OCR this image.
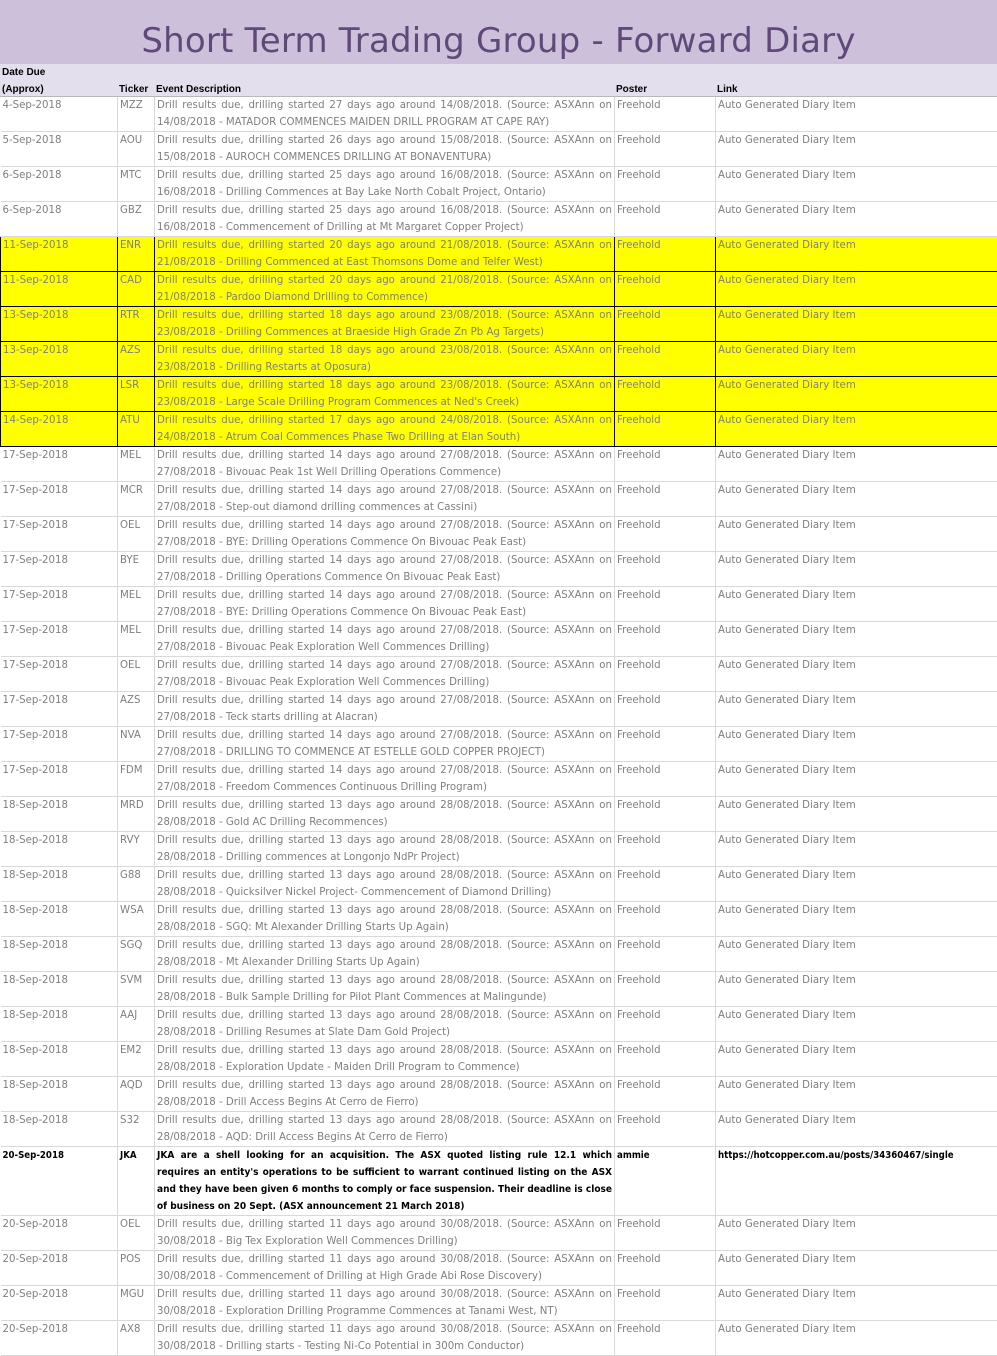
Short Term Trading Group - Forward Diary
Date Due
(Approx)	Ticker Event Description	Poster	Link
4-Sep-2018	MZZ	Drill results due, drilling started 27 days ago around 14/08/2018. (Source: ASXAnn on 14/08/2018 - MATADOR COMMENCES MAIDEN DRILL PROGRAM AT CAPE RAY)	Freehold	Auto Generated Diary Item
5-Sep-2018	AOU	Drill results due, drilling started 26 days ago around 15/08/2018. (Source: ASXAnn on 15/08/2018 - AUROCH COMMENCES DRILLING AT BONAVENTURA)	Freehold	Auto Generated Diary Item
6-Sep-2018	MTC	Drill results due, drilling started 25 days ago around 16/08/2018. (Source: ASXAnn on 16/08/2018 - Drilling Commences at Bay Lake North Cobalt Project, Ontario)	Freehold	Auto Generated Diary Item
6-Sep-2018	GBZ	Drill results due, drilling started 25 days ago around 16/08/2018. (Source: ASXAnn on 16/08/2018 - Commencement of Drilling at Mt Margaret Copper Project)	Freehold	Auto Generated Diary Item
11-Sep-2018	ENR	Drill results due, drilling started 20 days ago around 21/08/2018. (Source: ASXAnn on 21/08/2018 - Drilling Commenced at East Thomsons Dome and Telfer West)	Freehold	Auto Generated Diary Item
11-Sep-2018	CAD	Drill results due, drilling started 20 days ago around 21/08/2018. (Source: ASXAnn on 21/08/2018 - Pardoo Diamond Drilling to Commence)	Freehold	Auto Generated Diary Item
13-Sep-2018	RTR	Drill results due, drilling started 18 days ago around 23/08/2018. (Source: ASXAnn on 23/08/2018 - Drilling Commences at Braeside High Grade Zn Pb Ag Targets)	Freehold	Auto Generated Diary Item
13-Sep-2018	AZS	Drill results due, drilling started 18 days ago around 23/08/2018. (Source: ASXAnn on 23/08/2018 - Drilling Restarts at Oposura)	Freehold	Auto Generated Diary Item
13-Sep-2018	LSR	Drill results due, drilling started 18 days ago around 23/08/2018. (Source: ASXAnn on 23/08/2018 - Large Scale Drilling Program Commences at Ned's Creek)	Freehold	Auto Generated Diary Item
14-Sep-2018	ATU	Drill results due, drilling started 17 days ago around 24/08/2018. (Source: ASXAnn on 24/08/2018 - Atrum Coal Commences Phase Two Drilling at Elan South)	Freehold	Auto Generated Diary Item
17-Sep-2018	MEL	Drill results due, drilling started 14 days ago around 27/08/2018. (Source: ASXAnn on 27/08/2018 - Bivouac Peak 1st Well Drilling Operations Commence)	Freehold	Auto Generated Diary Item
17-Sep-2018	MCR	Drill results due, drilling started 14 days ago around 27/08/2018. (Source: ASXAnn on 27/08/2018 - Step-out diamond drilling commences at Cassini)	Freehold	Auto Generated Diary Item
17-Sep-2018	OEL	Drill results due, drilling started 14 days ago around 27/08/2018. (Source: ASXAnn on 27/08/2018 - BYE: Drilling Operations Commence On Bivouac Peak East)	Freehold	Auto Generated Diary Item
17-Sep-2018	BYE	Drill results due, drilling started 14 days ago around 27/08/2018. (Source: ASXAnn on 27/08/2018 - Drilling Operations Commence On Bivouac Peak East)	Freehold	Auto Generated Diary Item
17-Sep-2018	MEL	Drill results due, drilling started 14 days ago around 27/08/2018. (Source: ASXAnn on 27/08/2018 - BYE: Drilling Operations Commence On Bivouac Peak East)	Freehold	Auto Generated Diary Item
17-Sep-2018	MEL	Drill results due, drilling started 14 days ago around 27/08/2018. (Source: ASXAnn on 27/08/2018 - Bivouac Peak Exploration Well Commences Drilling)	Freehold	Auto Generated Diary Item
17-Sep-2018	OEL	Drill results due, drilling started 14 days ago around 27/08/2018. (Source: ASXAnn on 27/08/2018 - Bivouac Peak Exploration Well Commences Drilling)	Freehold	Auto Generated Diary Item
17-Sep-2018	AZS	Drill results due, drilling started 14 days ago around 27/08/2018. (Source: ASXAnn on 27/08/2018 - Teck starts drilling at Alacran)	Freehold	Auto Generated Diary Item
17-Sep-2018	NVA	Drill results due, drilling started 14 days ago around 27/08/2018. (Source: ASXAnn on 27/08/2018 - DRILLING TO COMMENCE AT ESTELLE GOLD COPPER PROJECT)	Freehold	Auto Generated Diary Item
17-Sep-2018	FDM	Drill results due, drilling started 14 days ago around 27/08/2018. (Source: ASXAnn on 27/08/2018 - Freedom Commences Continuous Drilling Program)	Freehold	Auto Generated Diary Item
18-Sep-2018	MRD	Drill results due, drilling started 13 days ago around 28/08/2018. (Source: ASXAnn on 28/08/2018 - Gold AC Drilling Recommences)	Freehold	Auto Generated Diary Item
18-Sep-2018	RVY	Drill results due, drilling started 13 days ago around 28/08/2018. (Source: ASXAnn on 28/08/2018 - Drilling commences at Longonjo NdPr Project)	Freehold	Auto Generated Diary Item
18-Sep-2018	G88	Drill results due, drilling started 13 days ago around 28/08/2018. (Source: ASXAnn on 28/08/2018 - Quicksilver Nickel Project- Commencement of Diamond Drilling)	Freehold	Auto Generated Diary Item
18-Sep-2018	WSA	Drill results due, drilling started 13 days ago around 28/08/2018. (Source: ASXAnn on 28/08/2018 - SGQ: Mt Alexander Drilling Starts Up Again)	Freehold	Auto Generated Diary Item
18-Sep-2018	SGQ	Drill results due, drilling started 13 days ago around 28/08/2018. (Source: ASXAnn on 28/08/2018 - Mt Alexander Drilling Starts Up Again)	Freehold	Auto Generated Diary Item
18-Sep-2018	SVM	Drill results due, drilling started 13 days ago around 28/08/2018. (Source: ASXAnn on 28/08/2018 - Bulk Sample Drilling for Pilot Plant Commences at Malingunde)	Freehold	Auto Generated Diary Item
18-Sep-2018	AAJ	Drill results due, drilling started 13 days ago around 28/08/2018. (Source: ASXAnn on 28/08/2018 - Drilling Resumes at Slate Dam Gold Project)	Freehold	Auto Generated Diary Item
18-Sep-2018	EM2	Drill results due, drilling started 13 days ago around 28/08/2018. (Source: ASXAnn on 28/08/2018 - Exploration Update - Maiden Drill Program to Commence)	Freehold	Auto Generated Diary Item
18-Sep-2018	AQD	Drill results due, drilling started 13 days ago around 28/08/2018. (Source: ASXAnn on 28/08/2018 - Drill Access Begins At Cerro de Fierro)	Freehold	Auto Generated Diary Item
18-Sep-2018	S32	Drill results due, drilling started 13 days ago around 28/08/2018. (Source: ASXAnn on 28/08/2018 - AQD: Drill Access Begins At Cerro de Fierro)	Freehold	Auto Generated Diary Item
20-Sep-2018	JKA	JKA are a shell looking for an acquisition. The ASX quoted listing rule 12.1 which requires an entity's operations to be sufficient to warrant continued listing on the ASX and they have been given 6 months to comply or face suspension. Their deadline is close of business on 20 Sept. (ASX announcement 21 March 2018)	ammie	https://hotcopper.com.au/posts/34360467/single
20-Sep-2018	OEL	Drill results due, drilling started 11 days ago around 30/08/2018. (Source: ASXAnn on 30/08/2018 - Big Tex Exploration Well Commences Drilling)	Freehold	Auto Generated Diary Item
20-Sep-2018	POS	Drill results due, drilling started 11 days ago around 30/08/2018. (Source: ASXAnn on 30/08/2018 - Commencement of Drilling at High Grade Abi Rose Discovery)	Freehold	Auto Generated Diary Item
20-Sep-2018	MGU	Drill results due, drilling started 11 days ago around 30/08/2018. (Source: ASXAnn on 30/08/2018 - Exploration Drilling Programme Commences at Tanami West, NT)	Freehold	Auto Generated Diary Item
20-Sep-2018	AX8	Drill results due, drilling started 11 days ago around 30/08/2018. (Source: ASXAnn on 30/08/2018 - Drilling starts - Testing Ni-Co Potential in 300m Conductor)	Freehold	Auto Generated Diary Item
